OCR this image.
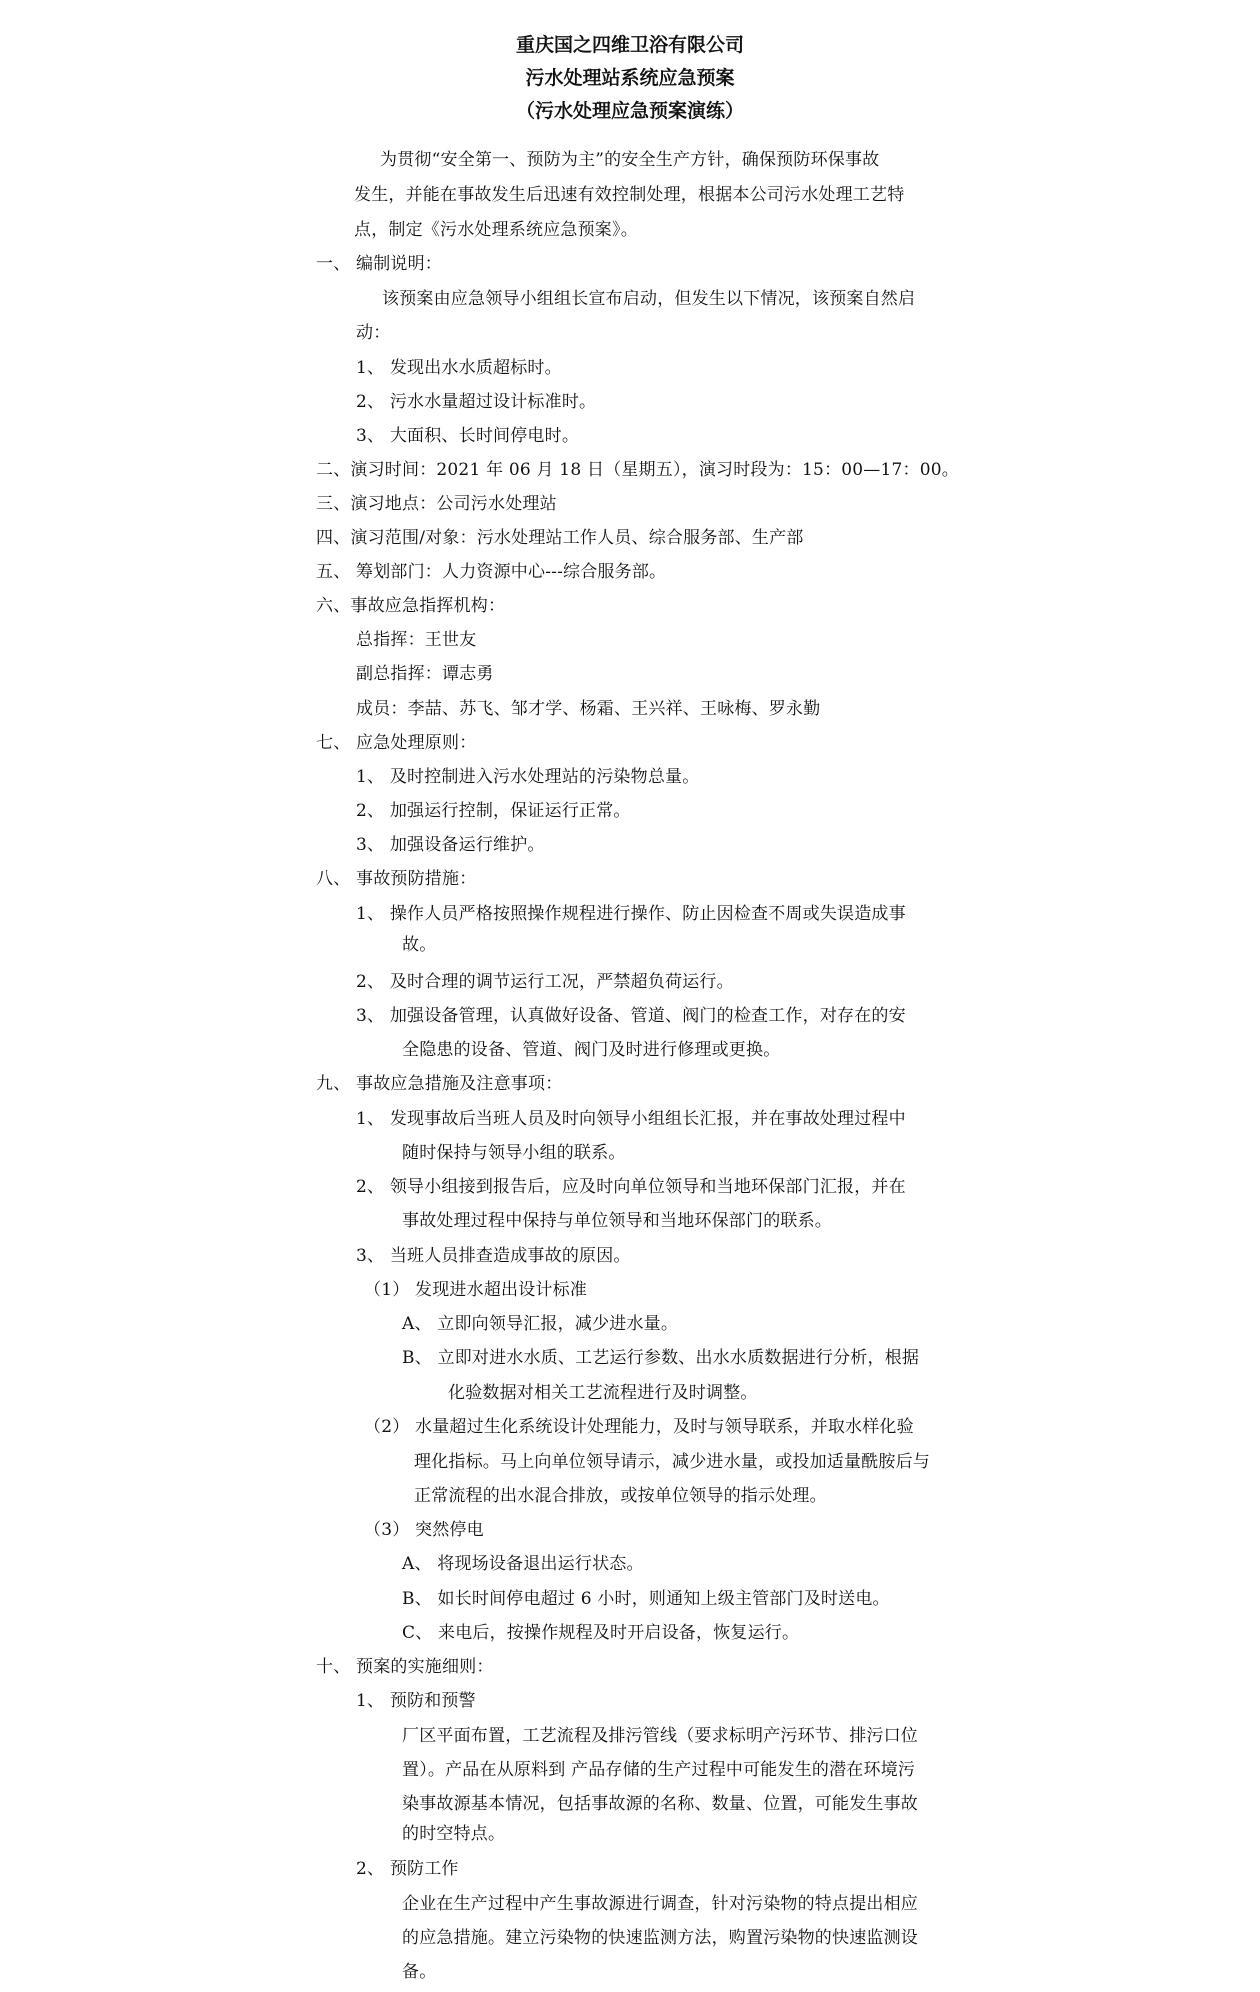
重庆国之四维卫浴有限公司
污水处理站系统应急预案
（污水处理应急预案演练）
为贯彻“安全第一、预防为主”的安全生产方针，确保预防环保事故
发生，并能在事故发生后迅速有效控制处理，根据本公司污水处理工艺特
点，制定《污水处理系统应急预案》。
一、 编制说明：
该预案由应急领导小组组长宣布启动，但发生以下情况，该预案自然启
动：
1、 发现出水水质超标时。
2、 污水水量超过设计标准时。
3、 大面积、长时间停电时。
二、演习时间：2021 年 06 月 18 日（星期五），演习时段为：15：00—17：00。
三、演习地点：公司污水处理站
四、演习范围/对象：污水处理站工作人员、综合服务部、生产部
五、 筹划部门：人力资源中心---综合服务部。
六、事故应急指挥机构：
总指挥：王世友
副总指挥：谭志勇
成员：李喆、苏飞、邹才学、杨霜、王兴祥、王咏梅、罗永勤
七、 应急处理原则：
1、 及时控制进入污水处理站的污染物总量。
2、 加强运行控制，保证运行正常。
3、 加强设备运行维护。
八、 事故预防措施：
1、 操作人员严格按照操作规程进行操作、防止因检查不周或失误造成事
故。
2、 及时合理的调节运行工况，严禁超负荷运行。
3、 加强设备管理，认真做好设备、管道、阀门的检查工作，对存在的安
全隐患的设备、管道、阀门及时进行修理或更换。
九、 事故应急措施及注意事项：
1、 发现事故后当班人员及时向领导小组组长汇报，并在事故处理过程中
随时保持与领导小组的联系。
2、 领导小组接到报告后，应及时向单位领导和当地环保部门汇报，并在
事故处理过程中保持与单位领导和当地环保部门的联系。
3、 当班人员排查造成事故的原因。
（1） 发现进水超出设计标准
A、 立即向领导汇报，减少进水量。
B、 立即对进水水质、工艺运行参数、出水水质数据进行分析，根据
化验数据对相关工艺流程进行及时调整。
（2） 水量超过生化系统设计处理能力，及时与领导联系，并取水样化验
理化指标。马上向单位领导请示，减少进水量，或投加适量酰胺后与
正常流程的出水混合排放，或按单位领导的指示处理。
（3） 突然停电
A、 将现场设备退出运行状态。
B、 如长时间停电超过 6 小时，则通知上级主管部门及时送电。
C、 来电后，按操作规程及时开启设备，恢复运行。
十、 预案的实施细则：
1、 预防和预警
厂区平面布置，工艺流程及排污管线（要求标明产污环节、排污口位
置）。产品在从原料到 产品存储的生产过程中可能发生的潜在环境污
染事故源基本情况，包括事故源的名称、数量、位置，可能发生事故
的时空特点。
2、 预防工作
企业在生产过程中产生事故源进行调查，针对污染物的特点提出相应
的应急措施。建立污染物的快速监测方法，购置污染物的快速监测设
备。
